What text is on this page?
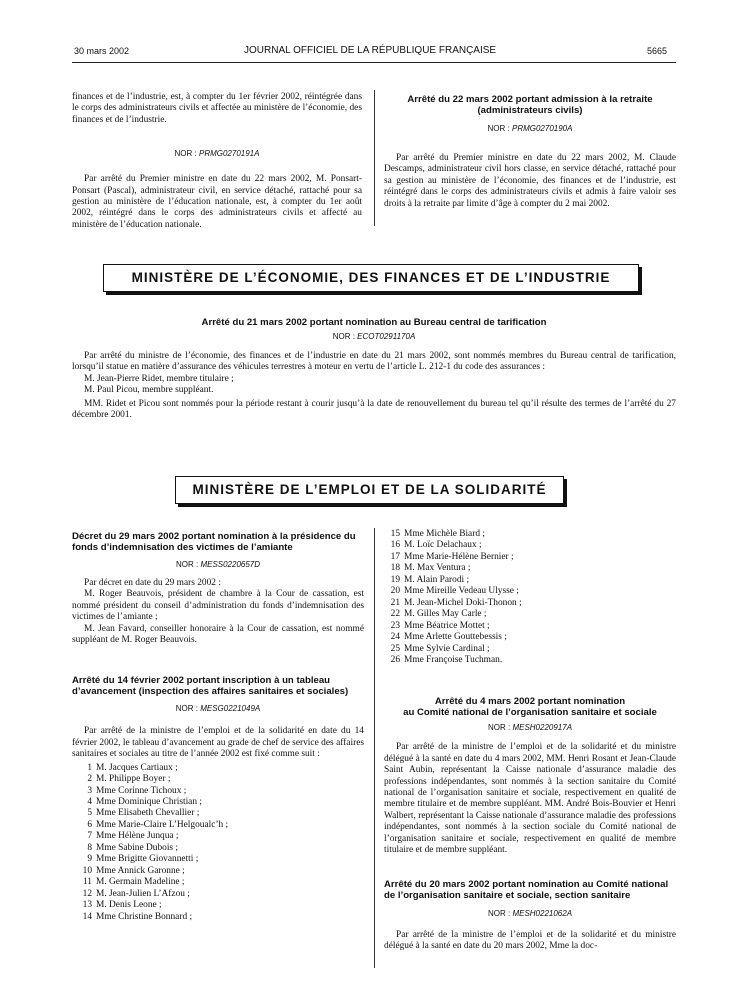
30 mars 2002	JOURNAL OFFICIEL DE LA RÉPUBLIQUE FRANÇAISE	5665

finances et de l’industrie, est, à compter du 1er février 2002, réintégrée dans le corps des administrateurs civils et affectée au ministère de l’économie, des finances et de l’industrie.

NOR : PRMG0270191A

Par arrêté du Premier ministre en date du 22 mars 2002, M. Ponsart-Ponsart (Pascal), administrateur civil, en service détaché, rattaché pour sa gestion au ministère de l’éducation nationale, est, à compter du 1er août 2002, réintégré dans le corps des administrateurs civils et affecté au ministère de l’éducation nationale.

Arrêté du 22 mars 2002 portant admission à la retraite (administrateurs civils)

NOR : PRMG0270190A

Par arrêté du Premier ministre en date du 22 mars 2002, M. Claude Descamps, administrateur civil hors classe, en service détaché, rattaché pour sa gestion au ministère de l’économie, des finances et de l’industrie, est réintégré dans le corps des administrateurs civils et admis à faire valoir ses droits à la retraite par limite d’âge à compter du 2 mai 2002.

MINISTÈRE DE L’ÉCONOMIE, DES FINANCES ET DE L’INDUSTRIE

Arrêté du 21 mars 2002 portant nomination au Bureau central de tarification

NOR : ECOT0291170A

Par arrêté du ministre de l’économie, des finances et de l’industrie en date du 21 mars 2002, sont nommés membres du Bureau central de tarification, lorsqu’il statue en matière d’assurance des véhicules terrestres à moteur en vertu de l’article L. 212-1 du code des assurances :

M. Jean-Pierre Ridet, membre titulaire ;

M. Paul Picou, membre suppléant.

MM. Ridet et Picou sont nommés pour la période restant à courir jusqu’à la date de renouvellement du bureau tel qu’il résulte des termes de l’arrêté du 27 décembre 2001.

MINISTÈRE DE L’EMPLOI ET DE LA SOLIDARITÉ

Décret du 29 mars 2002 portant nomination à la présidence du fonds d’indemnisation des victimes de l’amiante

NOR : MESS0220657D

Par décret en date du 29 mars 2002 :

M. Roger Beauvois, président de chambre à la Cour de cassation, est nommé président du conseil d’administration du fonds d’indemnisation des victimes de l’amiante ;

M. Jean Favard, conseiller honoraire à la Cour de cassation, est nommé suppléant de M. Roger Beauvois.

Arrêté du 14 février 2002 portant inscription à un tableau d’avancement (inspection des affaires sanitaires et sociales)

NOR : MESG0221049A

Par arrêté de la ministre de l’emploi et de la solidarité en date du 14 février 2002, le tableau d’avancement au grade de chef de service des affaires sanitaires et sociales au titre de l’année 2002 est fixé comme suit :

1 M. Jacques Cartiaux ;
2 M. Philippe Boyer ;
3 Mme Corinne Tichoux ;
4 Mme Dominique Christian ;
5 Mme Elisabeth Chevallier ;
6 Mme Marie-Claire L’Helgoualc’h ;
7 Mme Hélène Junqua ;
8 Mme Sabine Dubois ;
9 Mme Brigitte Giovannetti ;
10 Mme Annick Garonne ;
11 M. Germain Madeline ;
12 M. Jean-Julien L’Afzou ;
13 M. Denis Leone ;
14 Mme Christine Bonnard ;
15 Mme Michèle Biard ;
16 M. Loïc Delachaux ;
17 Mme Marie-Hélène Bernier ;
18 M. Max Ventura ;
19 M. Alain Parodi ;
20 Mme Mireille Vedeau Ulysse ;
21 M. Jean-Michel Doki-Thonon ;
22 M. Gilles May Carle ;
23 Mme Béatrice Mottet ;
24 Mme Arlette Gouttebessis ;
25 Mme Sylvie Cardinal ;
26 Mme Françoise Tuchman.

Arrêté du 4 mars 2002 portant nomination

au Comité national de l’organisation sanitaire et sociale

NOR : MESH0220917A

Par arrêté de la ministre de l’emploi et de la solidarité et du ministre délégué à la santé en date du 4 mars 2002, MM. Henri Rosant et Jean-Claude Saint Aubin, représentant la Caisse nationale d’assurance maladie des professions indépendantes, sont nommés à la section sanitaire du Comité national de l’organisation sanitaire et sociale, respectivement en qualité de membre titulaire et de membre suppléant. MM. André Bois-Bouvier et Henri Walbert, représentant la Caisse nationale d’assurance maladie des professions indépendantes, sont nommés à la section sociale du Comité national de l’organisation sanitaire et sociale, respectivement en qualité de membre titulaire et de membre suppléant.

Arrêté du 20 mars 2002 portant nomination au Comité national de l’organisation sanitaire et sociale, section sanitaire

NOR : MESH0221062A

Par arrêté de la ministre de l’emploi et de la solidarité et du ministre délégué à la santé en date du 20 mars 2002, Mme la doc-
